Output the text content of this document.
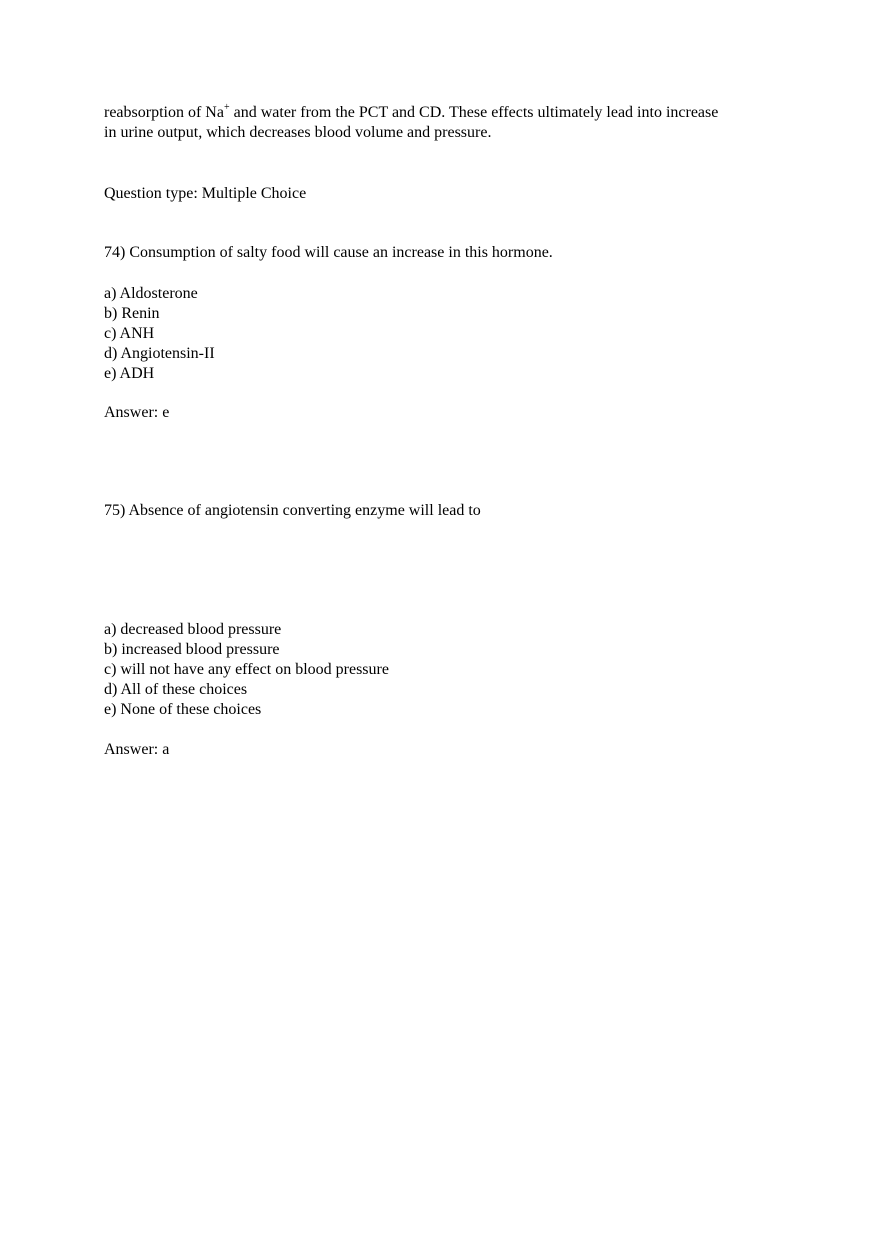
reabsorption of Na+ and water from the PCT and CD. These effects ultimately lead into increase
in urine output, which decreases blood volume and pressure.
Question type: Multiple Choice
74) Consumption of salty food will cause an increase in this hormone.
a) Aldosterone
b) Renin
c) ANH
d) Angiotensin-II
e) ADH
Answer: e
75) Absence of angiotensin converting enzyme will lead to
a) decreased blood pressure
b) increased blood pressure
c) will not have any effect on blood pressure
d) All of these choices
e) None of these choices
Answer: a
